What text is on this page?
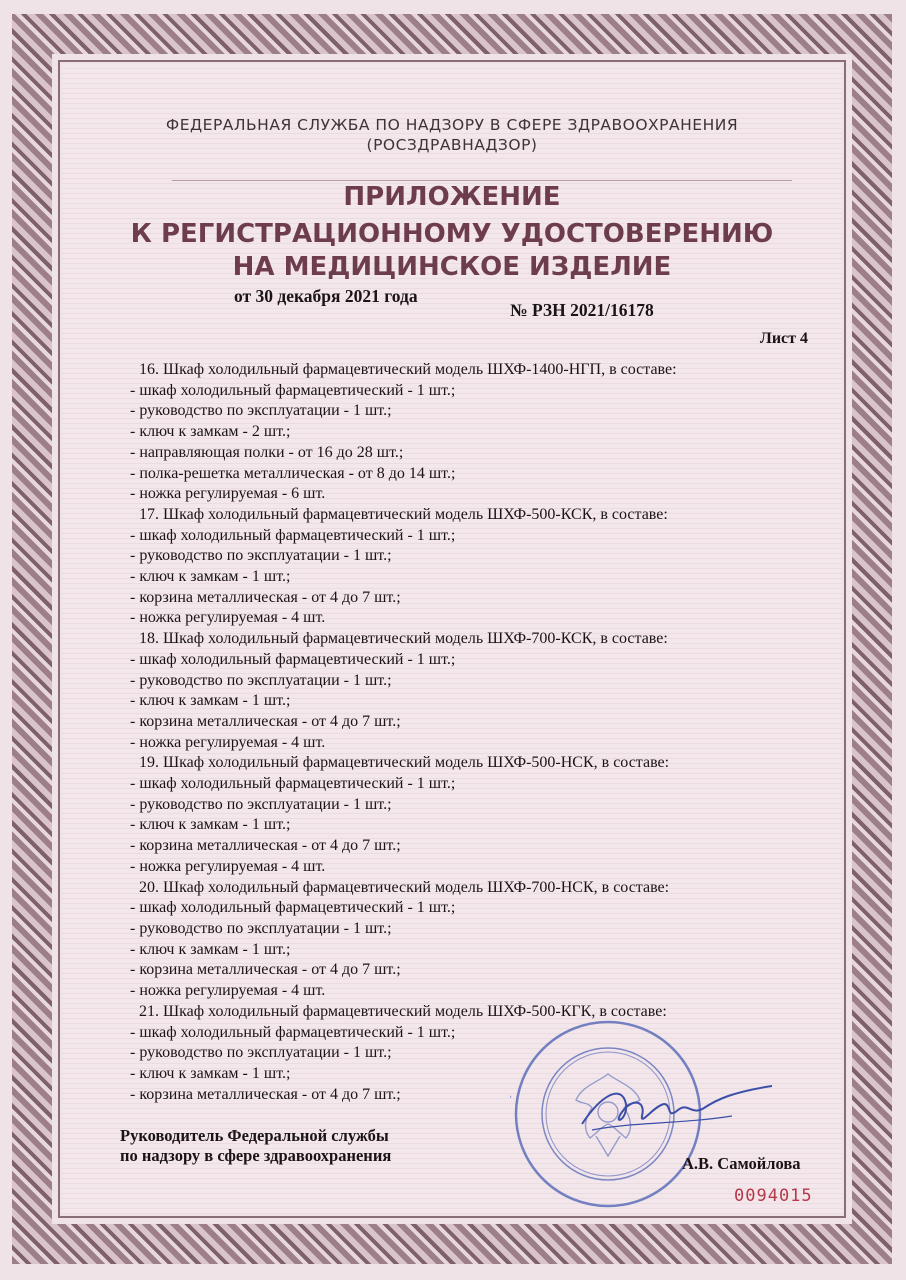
ФЕДЕРАЛЬНАЯ СЛУЖБА ПО НАДЗОРУ В СФЕРЕ ЗДРАВООХРАНЕНИЯ
(РОСЗДРАВНАДЗОР)
ПРИЛОЖЕНИЕ
К РЕГИСТРАЦИОННОМУ УДОСТОВЕРЕНИЮ
НА МЕДИЦИНСКОЕ ИЗДЕЛИЕ
от 30 декабря 2021 года
№ РЗН 2021/16178
Лист 4
16. Шкаф холодильный фармацевтический модель ШХФ-1400-НГП, в составе:
- шкаф холодильный фармацевтический - 1 шт.;
- руководство по эксплуатации - 1 шт.;
- ключ к замкам - 2 шт.;
- направляющая полки - от 16 до 28 шт.;
- полка-решетка металлическая - от 8 до 14 шт.;
- ножка регулируемая - 6 шт.
17. Шкаф холодильный фармацевтический модель ШХФ-500-КСК, в составе:
- шкаф холодильный фармацевтический - 1 шт.;
- руководство по эксплуатации - 1 шт.;
- ключ к замкам - 1 шт.;
- корзина металлическая - от 4 до 7 шт.;
- ножка регулируемая - 4 шт.
18. Шкаф холодильный фармацевтический модель ШХФ-700-КСК, в составе:
- шкаф холодильный фармацевтический - 1 шт.;
- руководство по эксплуатации - 1 шт.;
- ключ к замкам - 1 шт.;
- корзина металлическая - от 4 до 7 шт.;
- ножка регулируемая - 4 шт.
19. Шкаф холодильный фармацевтический модель ШХФ-500-НСК, в составе:
- шкаф холодильный фармацевтический - 1 шт.;
- руководство по эксплуатации - 1 шт.;
- ключ к замкам - 1 шт.;
- корзина металлическая - от 4 до 7 шт.;
- ножка регулируемая - 4 шт.
20. Шкаф холодильный фармацевтический модель ШХФ-700-НСК, в составе:
- шкаф холодильный фармацевтический - 1 шт.;
- руководство по эксплуатации - 1 шт.;
- ключ к замкам - 1 шт.;
- корзина металлическая - от 4 до 7 шт.;
- ножка регулируемая - 4 шт.
21. Шкаф холодильный фармацевтический модель ШХФ-500-КГК, в составе:
- шкаф холодильный фармацевтический - 1 шт.;
- руководство по эксплуатации - 1 шт.;
- ключ к замкам - 1 шт.;
- корзина металлическая - от 4 до 7 шт.;
Руководитель Федеральной службы
по надзору в сфере здравоохранения	А.В. Самойлова
0094015
